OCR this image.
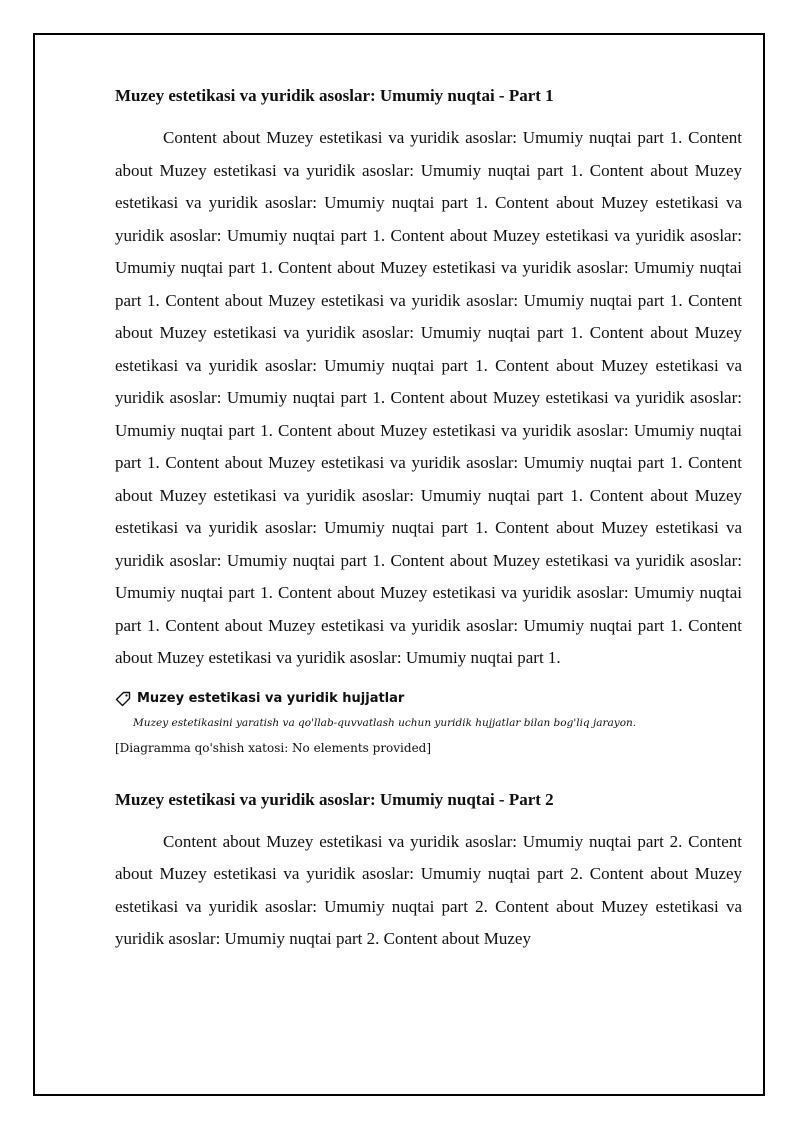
Muzey estetikasi va yuridik asoslar: Umumiy nuqtai - Part 1

Content about Muzey estetikasi va yuridik asoslar: Umumiy nuqtai part 1. Content about Muzey estetikasi va yuridik asoslar: Umumiy nuqtai part 1. Content about Muzey estetikasi va yuridik asoslar: Umumiy nuqtai part 1. Content about Muzey estetikasi va yuridik asoslar: Umumiy nuqtai part 1. Content about Muzey estetikasi va yuridik asoslar: Umumiy nuqtai part 1. Content about Muzey estetikasi va yuridik asoslar: Umumiy nuqtai part 1. Content about Muzey estetikasi va yuridik asoslar: Umumiy nuqtai part 1. Content about Muzey estetikasi va yuridik asoslar: Umumiy nuqtai part 1. Content about Muzey estetikasi va yuridik asoslar: Umumiy nuqtai part 1. Content about Muzey estetikasi va yuridik asoslar: Umumiy nuqtai part 1. Content about Muzey estetikasi va yuridik asoslar: Umumiy nuqtai part 1. Content about Muzey estetikasi va yuridik asoslar: Umumiy nuqtai part 1. Content about Muzey estetikasi va yuridik asoslar: Umumiy nuqtai part 1. Content about Muzey estetikasi va yuridik asoslar: Umumiy nuqtai part 1. Content about Muzey estetikasi va yuridik asoslar: Umumiy nuqtai part 1. Content about Muzey estetikasi va yuridik asoslar: Umumiy nuqtai part 1. Content about Muzey estetikasi va yuridik asoslar: Umumiy nuqtai part 1. Content about Muzey estetikasi va yuridik asoslar: Umumiy nuqtai part 1. Content about Muzey estetikasi va yuridik asoslar: Umumiy nuqtai part 1. Content about Muzey estetikasi va yuridik asoslar: Umumiy nuqtai part 1.

Muzey estetikasi va yuridik hujjatlar

Muzey estetikasini yaratish va qo'llab-quvvatlash uchun yuridik hujjatlar bilan bog'liq jarayon.

[Diagramma qo'shish xatosi: No elements provided]

Muzey estetikasi va yuridik asoslar: Umumiy nuqtai - Part 2

Content about Muzey estetikasi va yuridik asoslar: Umumiy nuqtai part 2. Content about Muzey estetikasi va yuridik asoslar: Umumiy nuqtai part 2. Content about Muzey estetikasi va yuridik asoslar: Umumiy nuqtai part 2. Content about Muzey estetikasi va yuridik asoslar: Umumiy nuqtai part 2. Content about Muzey
